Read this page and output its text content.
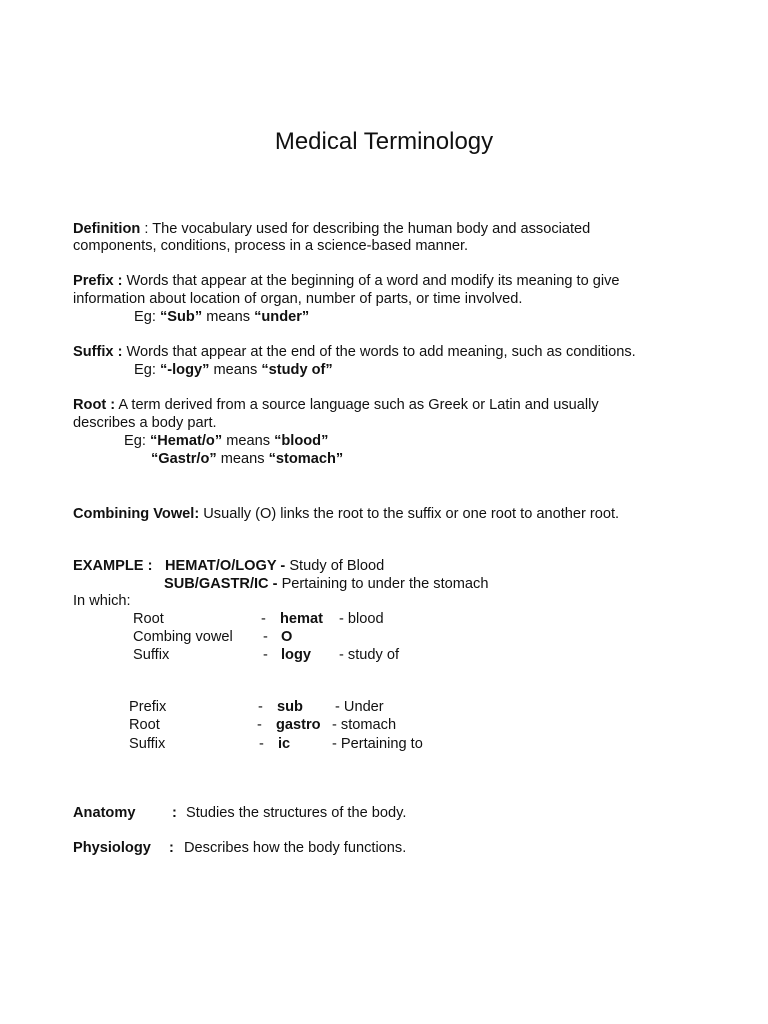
Medical Terminology
Definition : The vocabulary used for describing the human body and associated
components, conditions, process in a science-based manner.
Prefix : Words that appear at the beginning of a word and modify its meaning to give
information about location of organ, number of parts, or time involved.
Eg: “Sub” means “under”
Suffix : Words that appear at the end of the words to add meaning, such as conditions.
Eg: “-logy” means “study of”
Root : A term derived from a source language such as Greek or Latin and usually
describes a body part.
Eg: “Hemat/o” means “blood”
“Gastr/o” means “stomach”
Combining Vowel: Usually (O) links the root to the suffix or one root to another root.
EXAMPLE : HEMAT/O/LOGY - Study of Blood
SUB/GASTR/IC - Pertaining to under the stomach
In which:
Root	- hemat - blood
Combing vowel - O
Suffix	- logy - study of
Prefix	- sub - Under
Root	- gastro - stomach
Suffix	- ic	- Pertaining to
Anatomy	: Studies the structures of the body.
Physiology : Describes how the body functions.
